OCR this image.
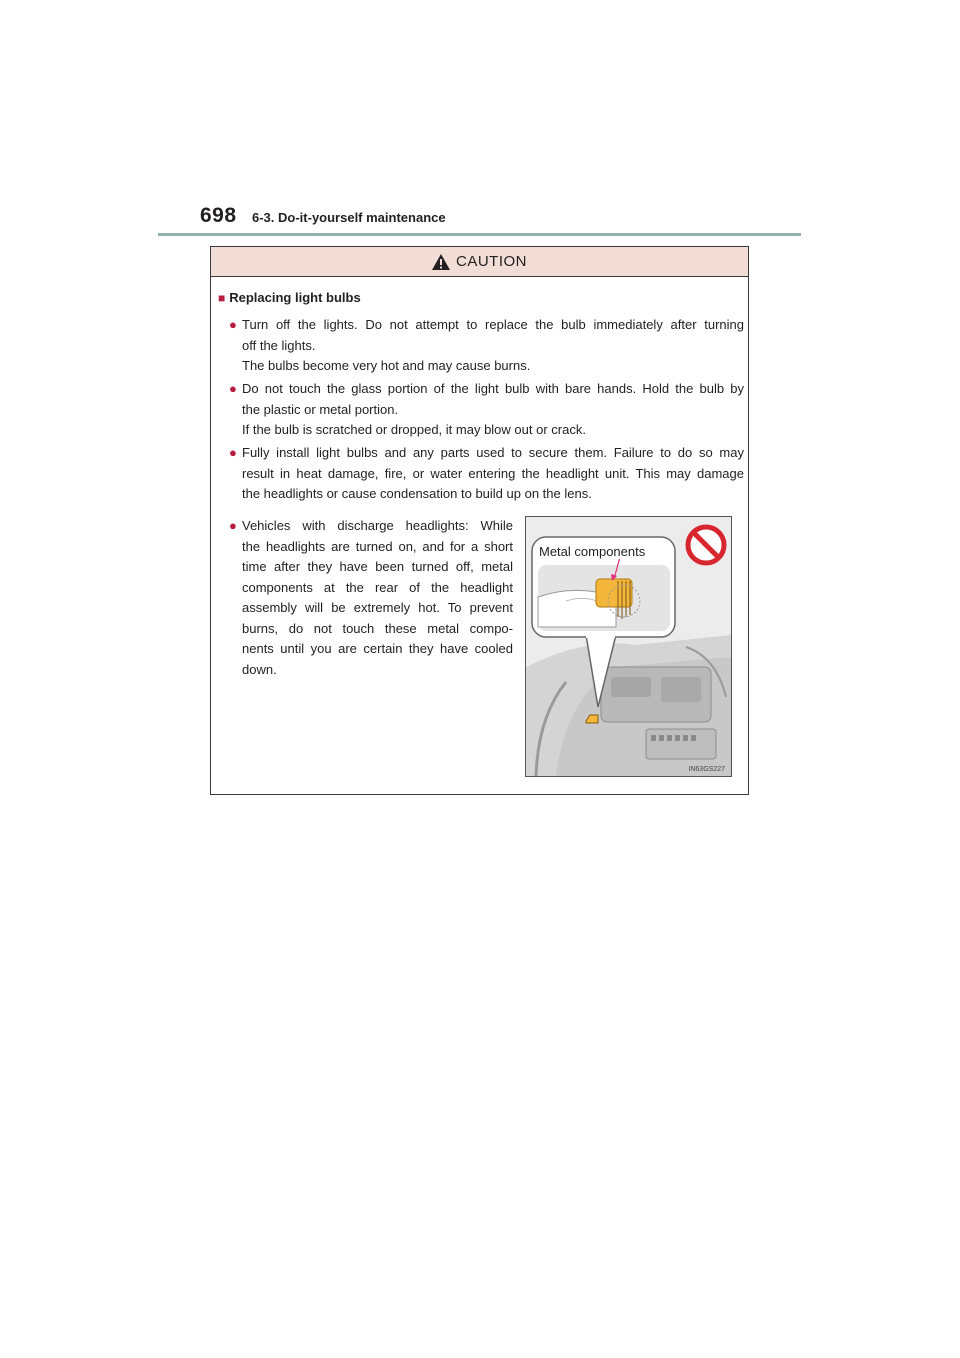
698 6-3. Do-it-yourself maintenance
CAUTION
■ Replacing light bulbs
● Turn off the lights. Do not attempt to replace the bulb immediately after turning
off the lights.
The bulbs become very hot and may cause burns.
● Do not touch the glass portion of the light bulb with bare hands. Hold the bulb by
the plastic or metal portion.
If the bulb is scratched or dropped, it may blow out or crack.
● Fully install light bulbs and any parts used to secure them. Failure to do so may
result in heat damage, fire, or water entering the headlight unit. This may damage
the headlights or cause condensation to build up on the lens.
● Vehicles with discharge headlights: While
the headlights are turned on, and for a short
time after they have been turned off, metal
components at the rear of the headlight
assembly will be extremely hot. To prevent
burns, do not touch these metal compo-
nents until you are certain they have cooled
down.
Metal components
IN63GS227
